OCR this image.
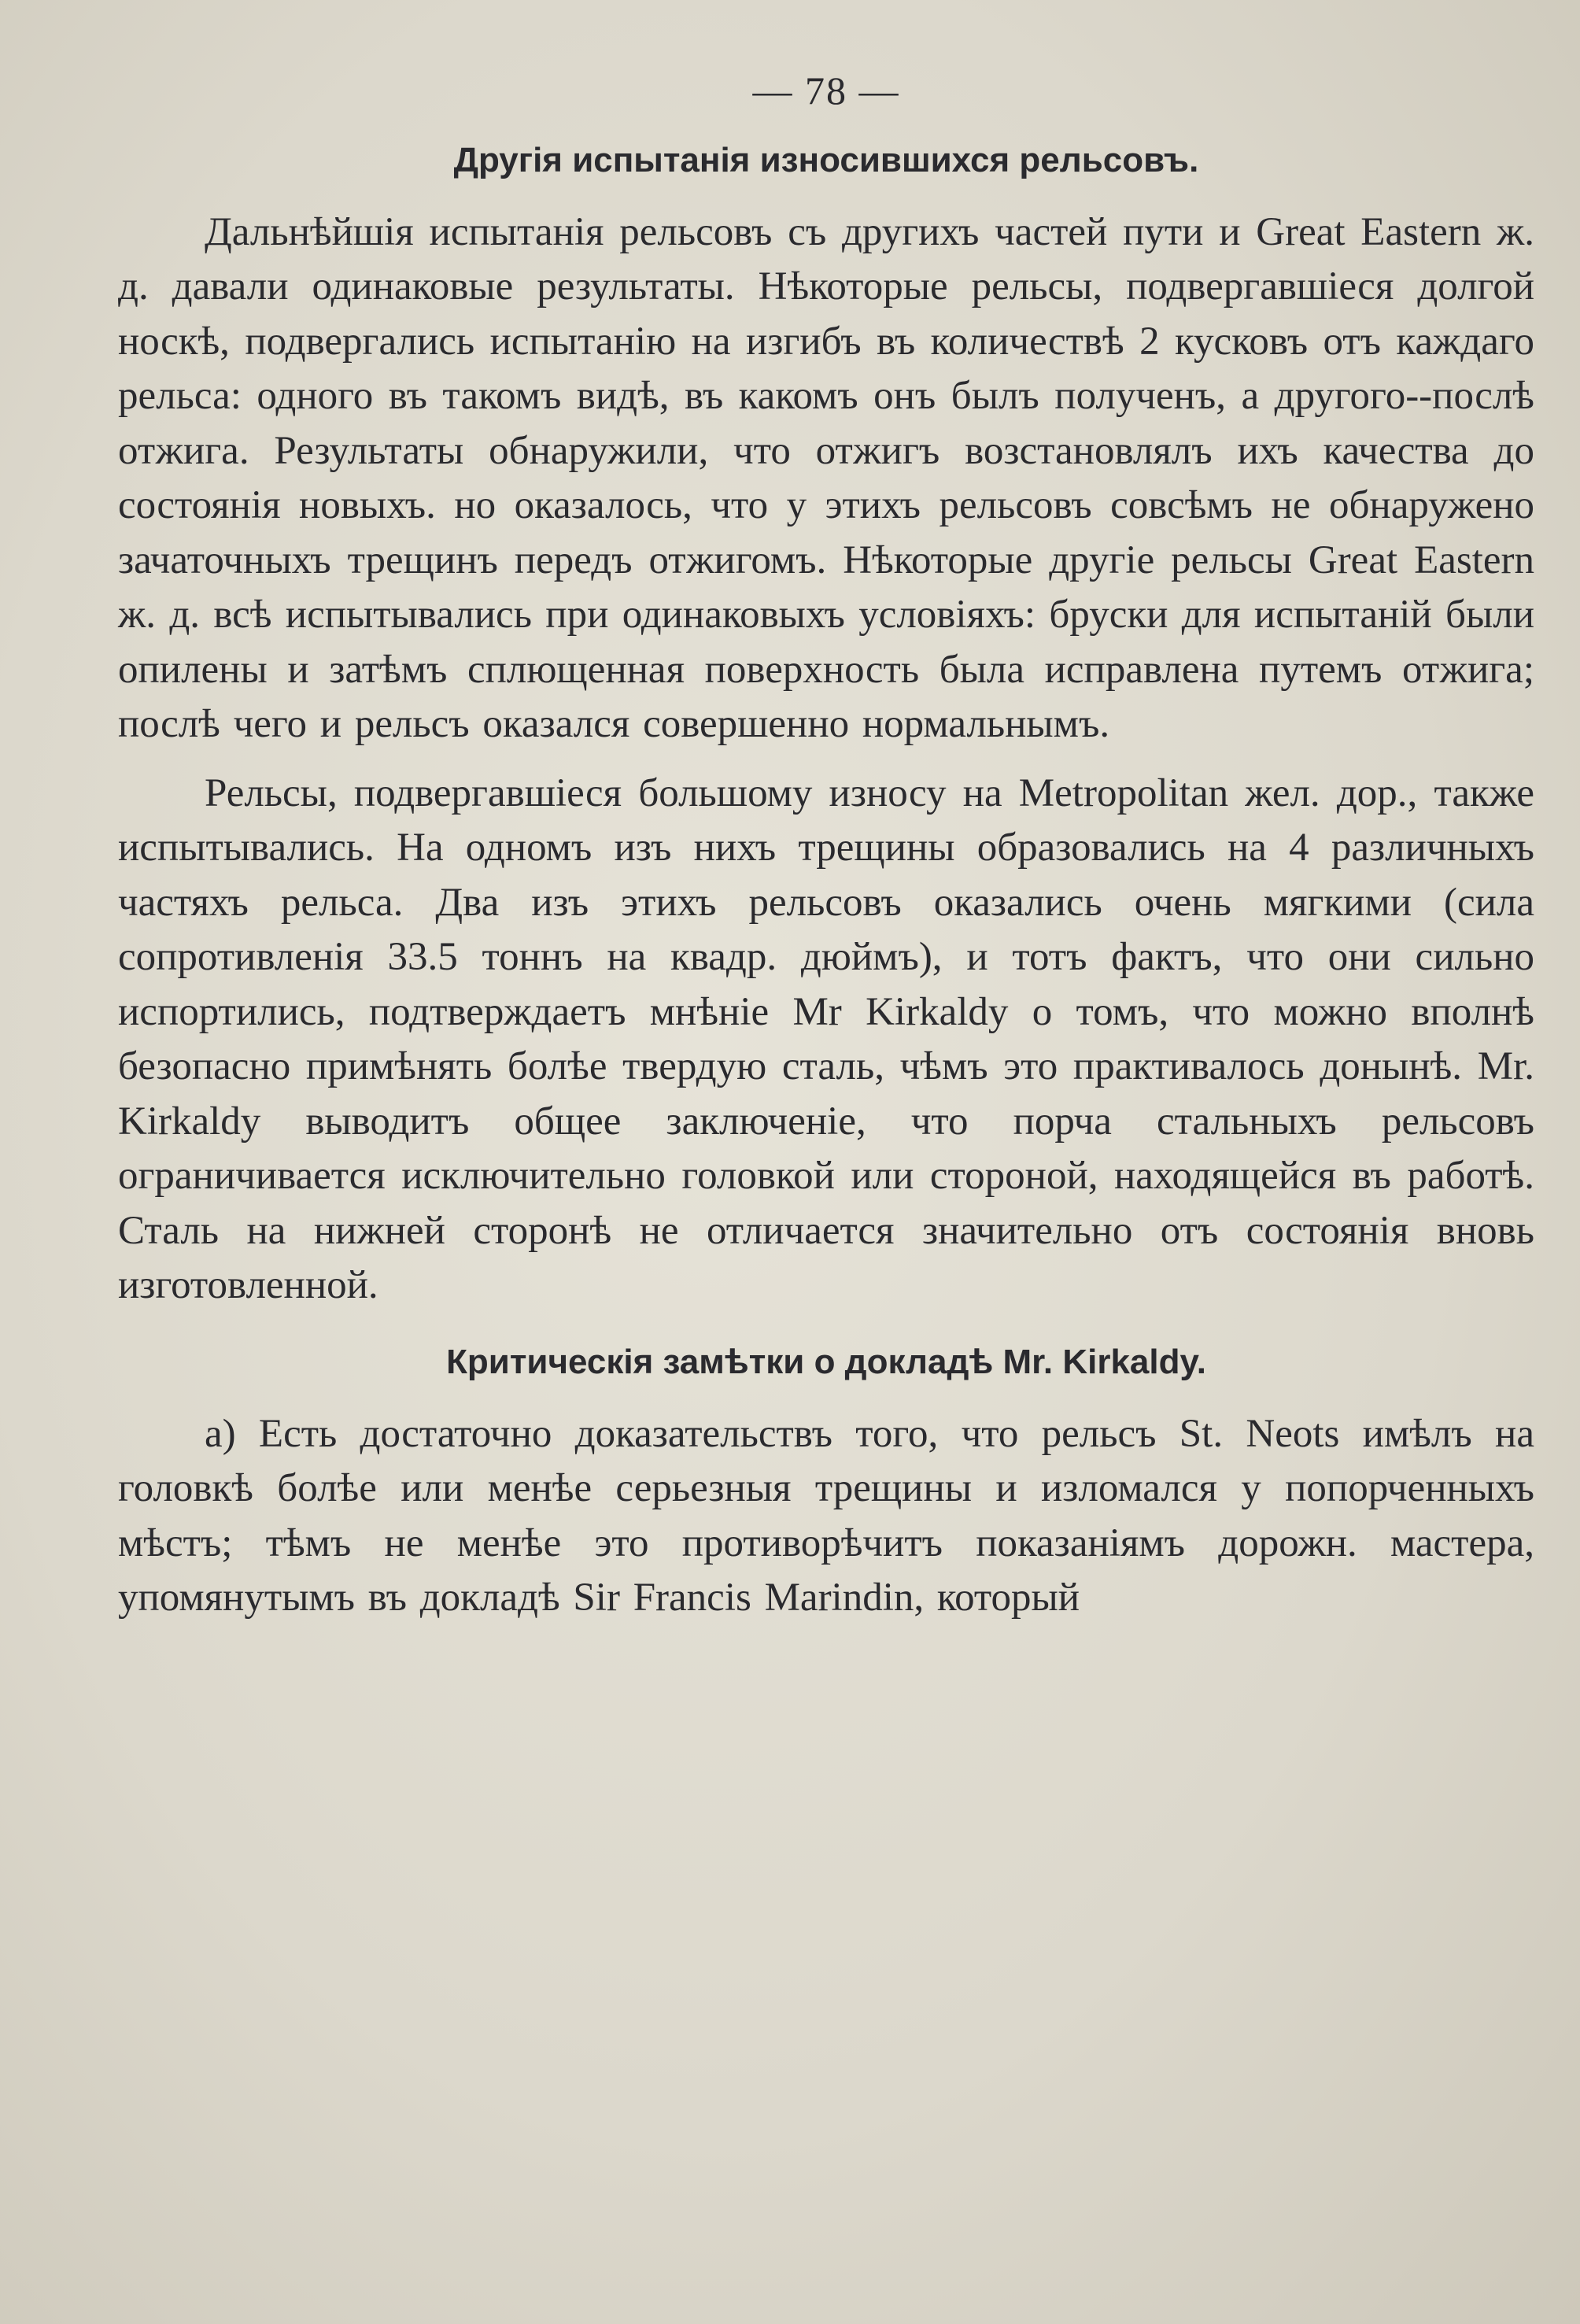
— 78 —
Другiя испытанiя износившихся рельсовъ.

Дальнѣйшiя испытанiя рельсовъ съ другихъ частей пути и Great Eastern ж. д. давали одинаковые результаты. Нѣкоторые рельсы, подвергавшiеся долгой носкѣ, подвергались испытанiю на изгибъ въ количествѣ 2 кусковъ отъ каждаго рельса: одного въ такомъ видѣ, въ какомъ онъ былъ полученъ, а другого--послѣ отжига. Результаты обнаружили, что отжигъ возстановлялъ ихъ качества до состоянiя новыхъ. но оказалось, что у этихъ рельсовъ совсѣмъ не обнаружено зачаточныхъ трещинъ передъ отжигомъ. Нѣкоторые другiе рельсы Great Eastern ж. д. всѣ испытывались при одинаковыхъ условiяхъ: бруски для испытанiй были опилены и затѣмъ сплющенная поверхность была исправлена путемъ отжига; послѣ чего и рельсъ оказался совершенно нормальнымъ.

Рельсы, подвергавшiеся большому износу на Metropolitan жел. дор., также испытывались. На одномъ изъ нихъ трещины образовались на 4 различныхъ частяхъ рельса. Два изъ этихъ рельсовъ оказались очень мягкими (сила сопротивленiя 33.5 тоннъ на квадр. дюймъ), и тотъ фактъ, что они сильно испортились, подтверждаетъ мнѣнiе Mr Kirkaldy о томъ, что можно вполнѣ безопасно примѣнять болѣе твердую сталь, чѣмъ это практивалось донынѣ. Mr. Kirkaldy выводитъ общее заключенiе, что порча стальныхъ рельсовъ ограничивается исключительно головкой или стороной, находящейся въ работѣ. Сталь на нижней сторонѣ не отличается значительно отъ состоянiя вновь изготовленной.

Критическiя замѣтки о докладѣ Mr. Kirkaldy.

а) Есть достаточно доказательствъ того, что рельсъ St. Neots имѣлъ на головкѣ болѣе или менѣе серьезныя трещины и изломался у попорченныхъ мѣстъ; тѣмъ не менѣе это противорѣчитъ показанiямъ дорожн. мастера, упомянутымъ въ докладѣ Sir Francis Marindin, который
